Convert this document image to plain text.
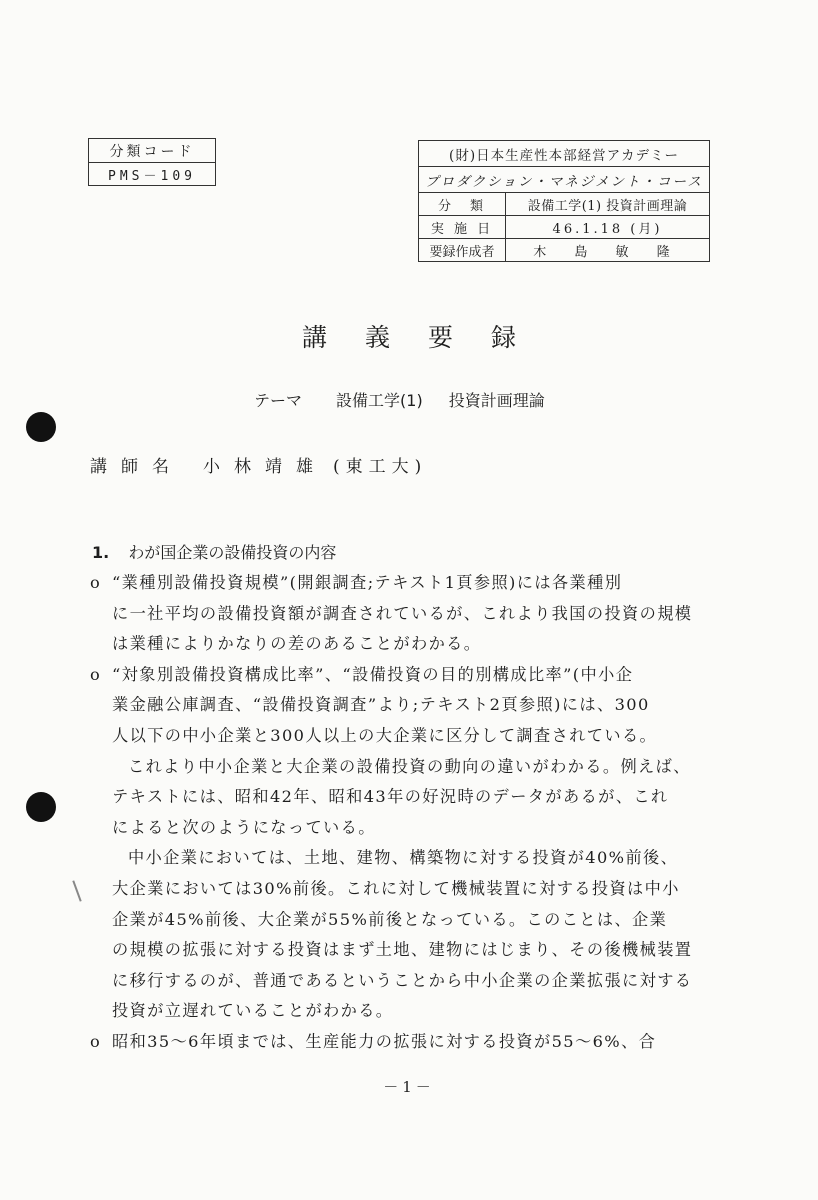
分類コード
PMS－109
(財)日本生産性本部経営アカデミー
プロダクション・マネジメント・コース
分　類	設備工学(1) 投資計画理論
実 施 日	46.1.18 (月)
要録作成者	木 島 敏 隆
講義要録
テーマ 設備工学(1) 投資計画理論
講師名 小林靖雄 (東工大)
1. わが国企業の設備投資の内容
o “業種別設備投資規模”(開銀調査;テキスト1頁参照)には各業種別
に一社平均の設備投資額が調査されているが、これより我国の投資の規模
は業種によりかなりの差のあることがわかる。
o “対象別設備投資構成比率”、“設備投資の目的別構成比率”(中小企
業金融公庫調査、“設備投資調査”より;テキスト2頁参照)には、300
人以下の中小企業と300人以上の大企業に区分して調査されている。
これより中小企業と大企業の設備投資の動向の違いがわかる。例えば、
テキストには、昭和42年、昭和43年の好況時のデータがあるが、これ
によると次のようになっている。
中小企業においては、土地、建物、構築物に対する投資が40%前後、
大企業においては30%前後。これに対して機械装置に対する投資は中小
企業が45%前後、大企業が55%前後となっている。このことは、企業
の規模の拡張に対する投資はまず土地、建物にはじまり、その後機械装置
に移行するのが、普通であるということから中小企業の企業拡張に対する
投資が立遅れていることがわかる。
o 昭和35〜6年頃までは、生産能力の拡張に対する投資が55〜6%、合
－1－
